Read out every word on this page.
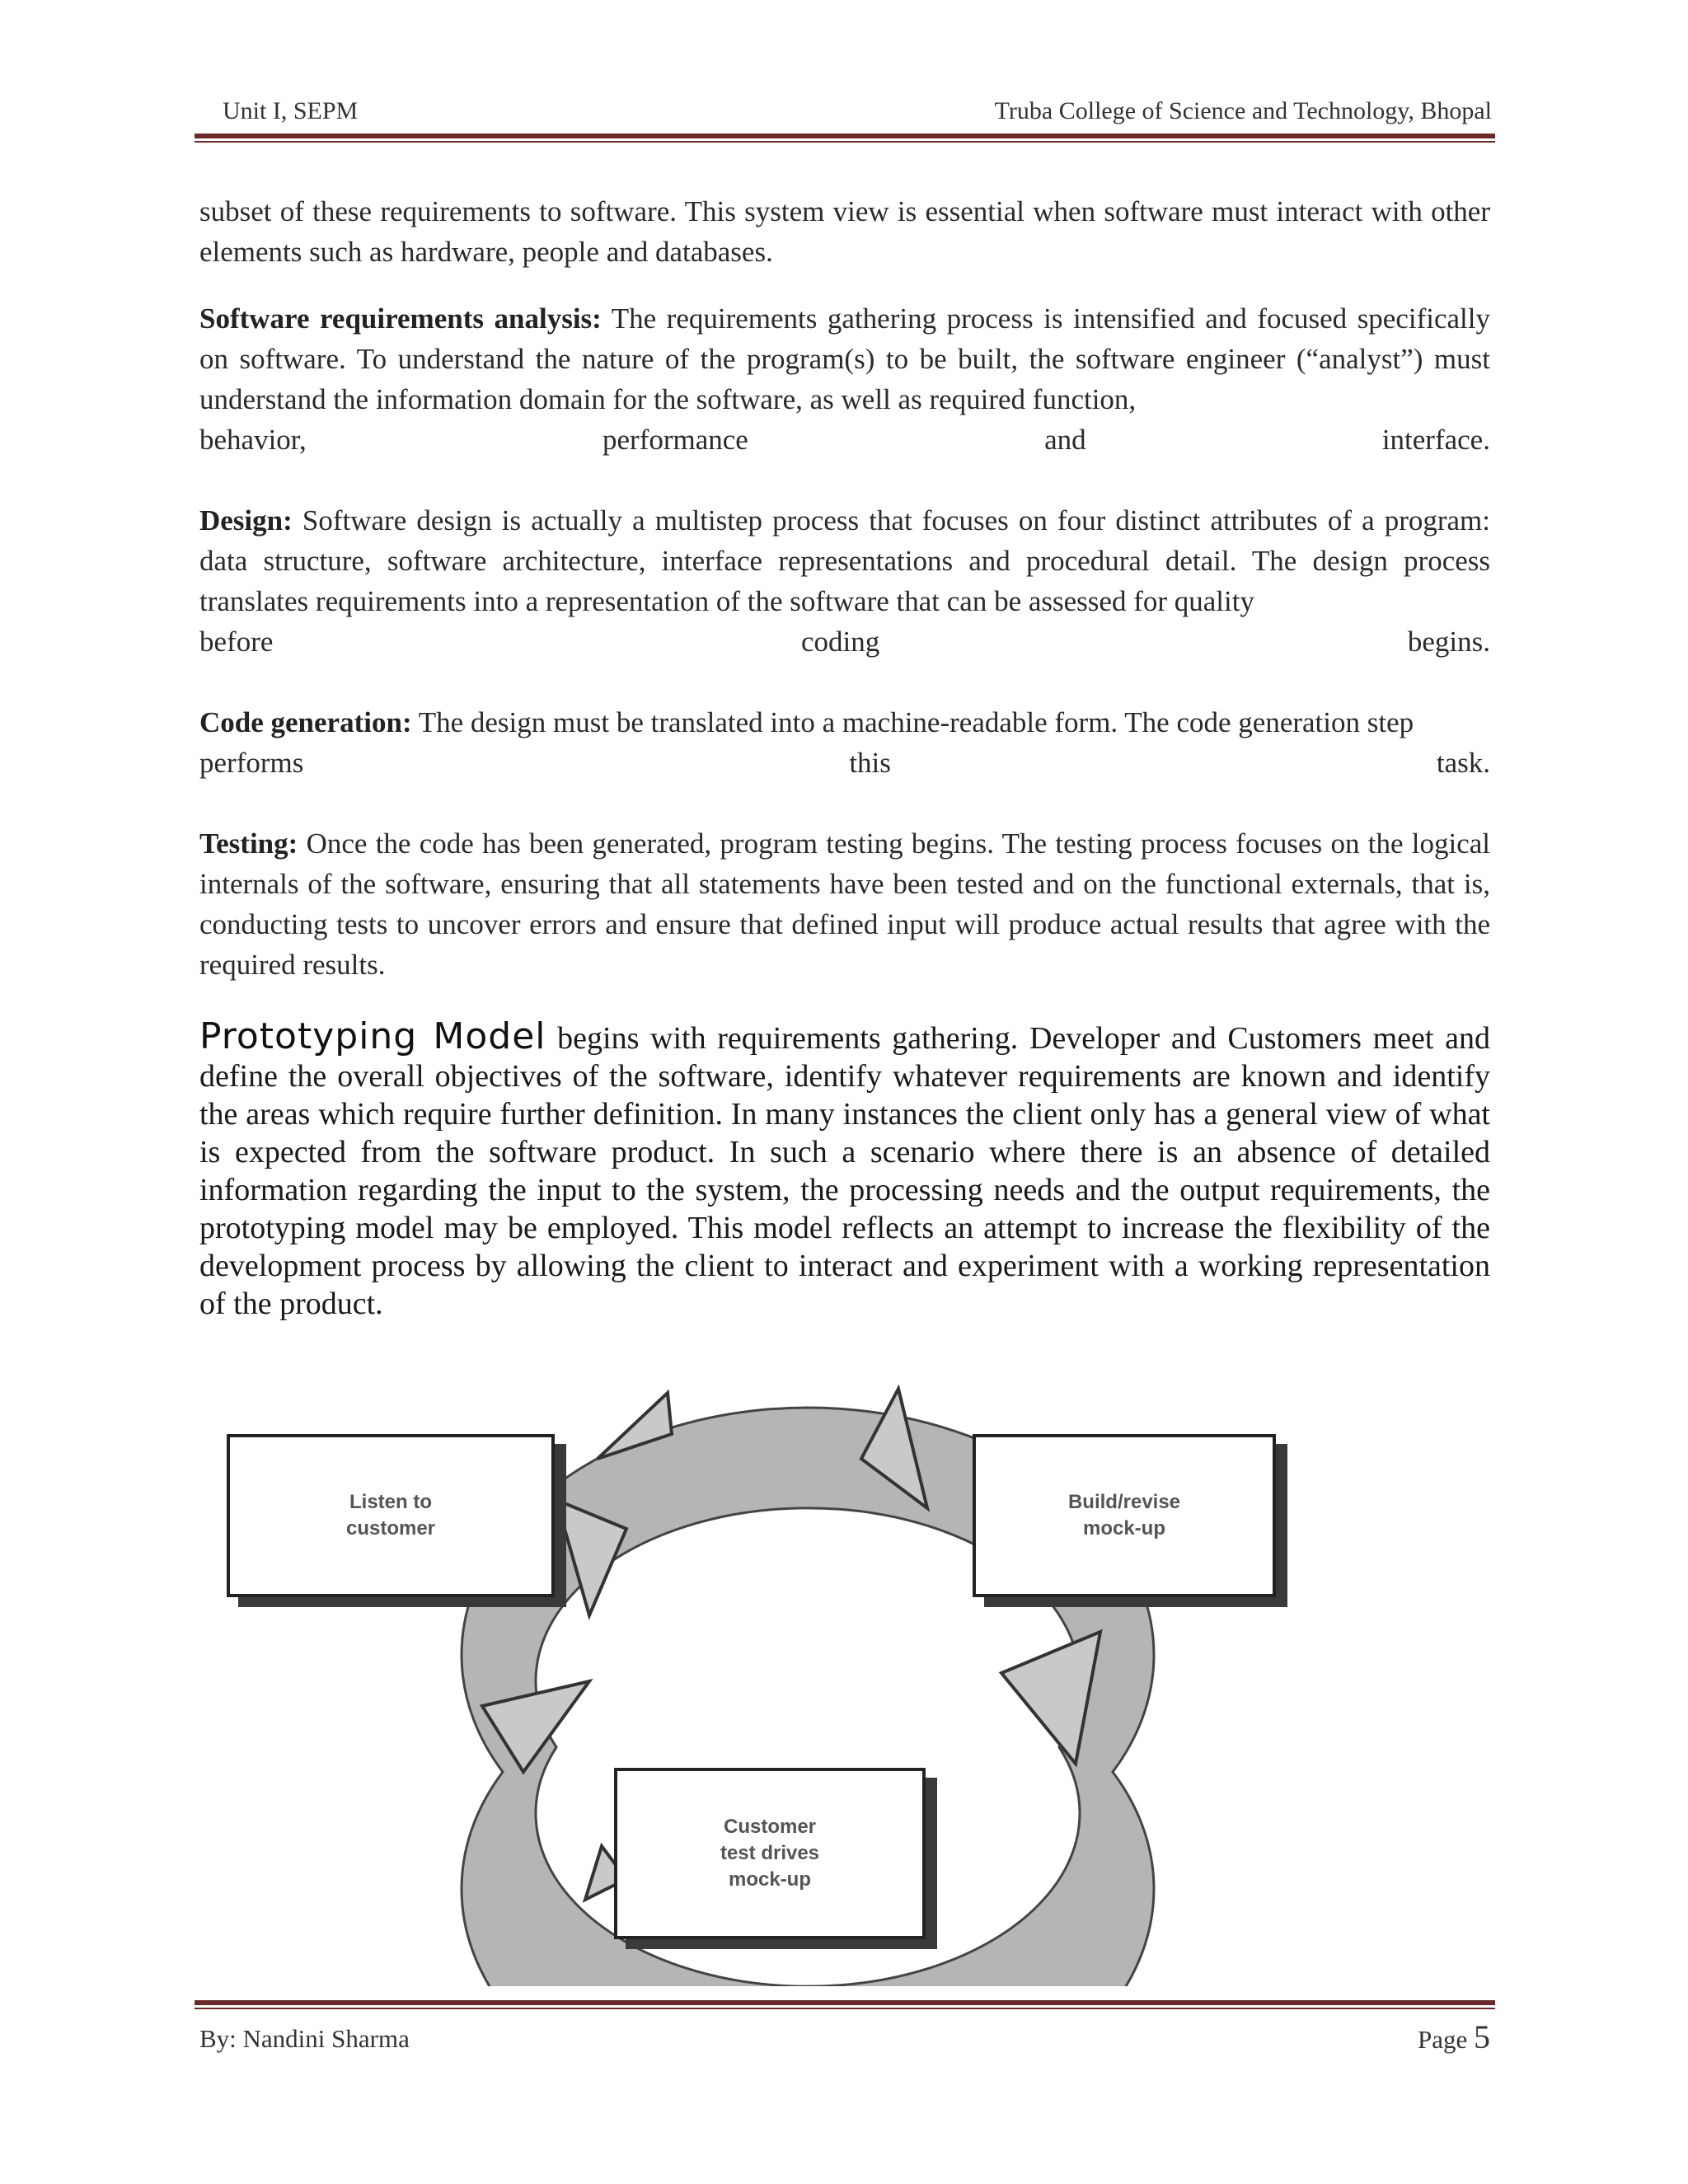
Unit I, SEPM	Truba College of Science and Technology, Bhopal

subset of these requirements to software. This system view is essential when software must interact with other elements such as hardware, people and databases.

Software requirements analysis: The requirements gathering process is intensified and focused specifically on software. To understand the nature of the program(s) to be built, the software engineer (“analyst”) must understand the information domain for the software, as well as required function,

behavior,	performance	and	interface.

Design: Software design is actually a multistep process that focuses on four distinct attributes of a program: data structure, software architecture, interface representations and procedural detail. The design process translates requirements into a representation of the software that can be assessed for quality

before	coding	begins.

Code generation: The design must be translated into a machine-readable form. The code generation step

performs	this	task.

Testing: Once the code has been generated, program testing begins. The testing process focuses on the logical internals of the software, ensuring that all statements have been tested and on the functional externals, that is, conducting tests to uncover errors and ensure that defined input will produce actual results that agree with the required results.

Prototyping Model begins with requirements gathering. Developer and Customers meet and define the overall objectives of the software, identify whatever requirements are known and identify the areas which require further definition. In many instances the client only has a general view of what is expected from the software product. In such a scenario where there is an absence of detailed information regarding the input to the system, the processing needs and the output requirements, the prototyping model may be employed. This model reflects an attempt to increase the flexibility of the development process by allowing the client to interact and experiment with a working representation of the product.

Listen to
customer
Build/revise
mock-up
Customer
test drives
mock-up
By: Nandini Sharma	Page 5
